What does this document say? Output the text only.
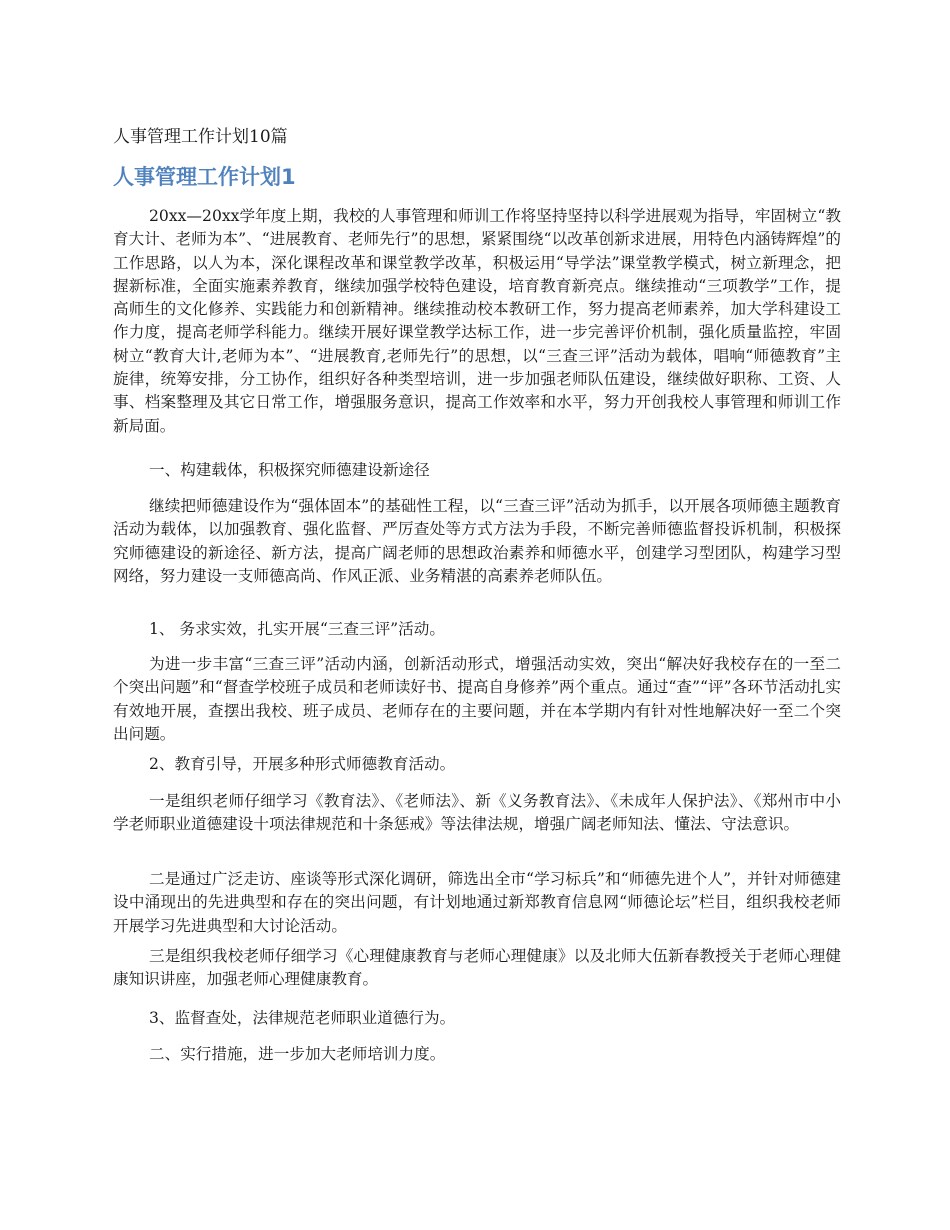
人事管理工作计划10篇
人事管理工作计划1

20xx—20xx学年度上期，我校的人事管理和师训工作将坚持坚持以科学进展观为指导，牢固树立“教育大计、老师为本”、“进展教育、老师先行”的思想，紧紧围绕“以改革创新求进展，用特色内涵铸辉煌”的工作思路，以人为本，深化课程改革和课堂教学改革，积极运用“导学法”课堂教学模式，树立新理念，把握新标准，全面实施素养教育，继续加强学校特色建设，培育教育新亮点。继续推动“三项教学”工作，提高师生的文化修养、实践能力和创新精神。继续推动校本教研工作，努力提高老师素养，加大学科建设工作力度，提高老师学科能力。继续开展好课堂教学达标工作，进一步完善评价机制，强化质量监控，牢固树立“教育大计,老师为本”、“进展教育,老师先行”的思想，以“三查三评”活动为载体，唱响“师德教育”主旋律，统筹安排，分工协作，组织好各种类型培训，进一步加强老师队伍建设，继续做好职称、工资、人事、档案整理及其它日常工作，增强服务意识，提高工作效率和水平，努力开创我校人事管理和师训工作新局面。

一、构建载体，积极探究师德建设新途径

继续把师德建设作为“强体固本”的基础性工程，以“三查三评”活动为抓手，以开展各项师德主题教育活动为载体，以加强教育、强化监督、严厉查处等方式方法为手段，不断完善师德监督投诉机制，积极探究师德建设的新途径、新方法，提高广阔老师的思想政治素养和师德水平，创建学习型团队，构建学习型网络，努力建设一支师德高尚、作风正派、业务精湛的高素养老师队伍。

1、 务求实效，扎实开展“三查三评”活动。

为进一步丰富“三查三评”活动内涵，创新活动形式，增强活动实效，突出“解决好我校存在的一至二个突出问题”和“督查学校班子成员和老师读好书、提高自身修养”两个重点。通过“查”“评”各环节活动扎实有效地开展，查摆出我校、班子成员、老师存在的主要问题，并在本学期内有针对性地解决好一至二个突出问题。

2、教育引导，开展多种形式师德教育活动。

一是组织老师仔细学习《教育法》、《老师法》、新《义务教育法》、《未成年人保护法》、《郑州市中小学老师职业道德建设十项法律规范和十条惩戒》等法律法规，增强广阔老师知法、懂法、守法意识。

二是通过广泛走访、座谈等形式深化调研，筛选出全市“学习标兵”和“师德先进个人”，并针对师德建设中涌现出的先进典型和存在的突出问题，有计划地通过新郑教育信息网“师德论坛”栏目，组织我校老师开展学习先进典型和大讨论活动。

三是组织我校老师仔细学习《心理健康教育与老师心理健康》以及北师大伍新春教授关于老师心理健康知识讲座，加强老师心理健康教育。

3、监督查处，法律规范老师职业道德行为。

二、实行措施，进一步加大老师培训力度。
